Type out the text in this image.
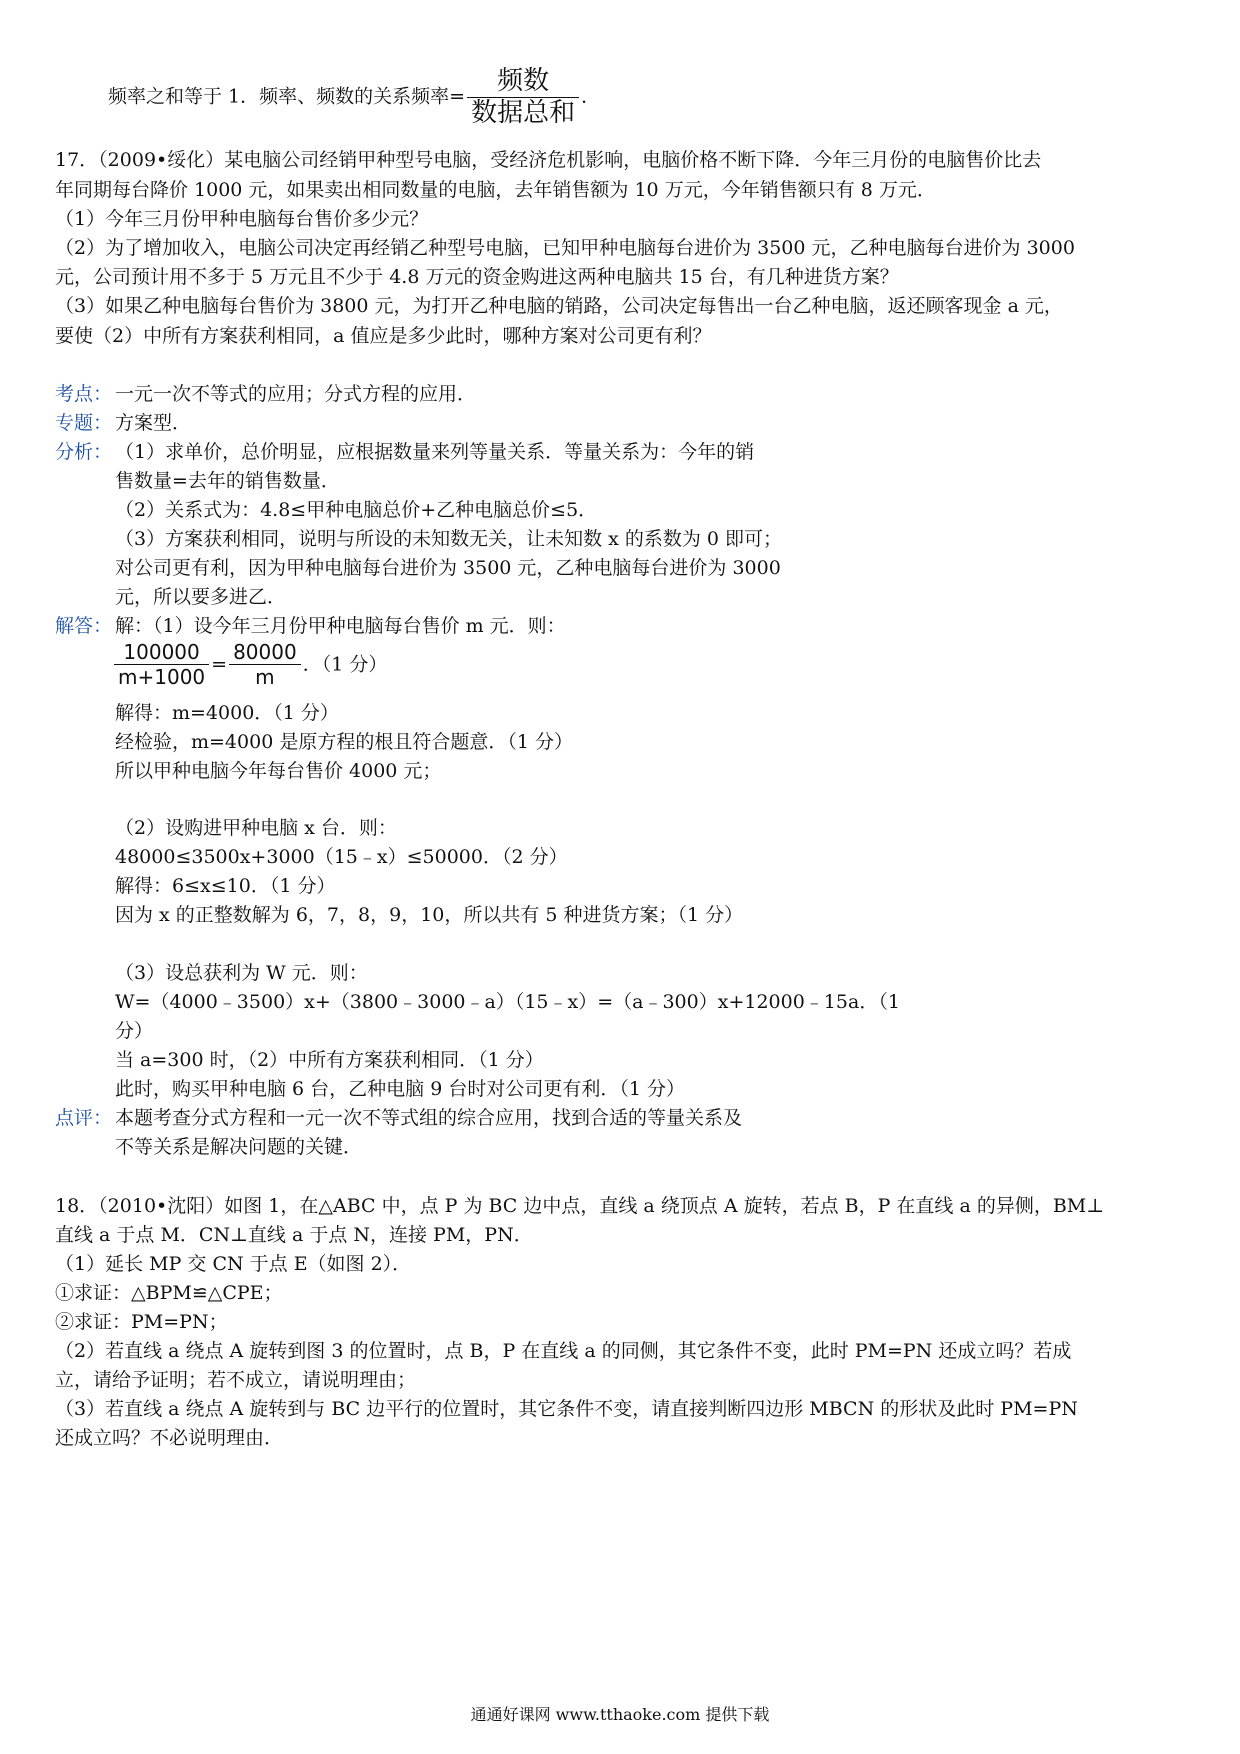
频率之和等于 1．频率、频数的关系频率= $\frac{\text{频数}}{\text{数据总和}}$ ．
17．（2009•绥化）某电脑公司经销甲种型号电脑，受经济危机影响，电脑价格不断下降．今年三月份的电脑售价比去
年同期每台降价 1000 元，如果卖出相同数量的电脑，去年销售额为 10 万元，今年销售额只有 8 万元．
（1）今年三月份甲种电脑每台售价多少元？
（2）为了增加收入，电脑公司决定再经销乙种型号电脑，已知甲种电脑每台进价为 3500 元，乙种电脑每台进价为 3000
元，公司预计用不多于 5 万元且不少于 4.8 万元的资金购进这两种电脑共 15 台，有几种进货方案？
（3）如果乙种电脑每台售价为 3800 元，为打开乙种电脑的销路，公司决定每售出一台乙种电脑，返还顾客现金 a 元，
要使（2）中所有方案获利相同，a 值应是多少此时，哪种方案对公司更有利？
考点： 一元一次不等式的应用；分式方程的应用．
专题： 方案型．
分析： （1）求单价，总价明显，应根据数量来列等量关系．等量关系为：今年的销
售数量=去年的销售数量．
（2）关系式为：4.8≤甲种电脑总价+乙种电脑总价≤5．
（3）方案获利相同，说明与所设的未知数无关，让未知数 x 的系数为 0 即可；
对公司更有利，因为甲种电脑每台进价为 3500 元，乙种电脑每台进价为 3000
元，所以要多进乙．
解答： 解：（1）设今年三月份甲种电脑每台售价 m 元．则：
$\frac{100000}{m+1000} = \frac{80000}{m}$ ．（1 分）
解得：m=4000．（1 分）
经检验，m=4000 是原方程的根且符合题意．（1 分）
所以甲种电脑今年每台售价 4000 元；
（2）设购进甲种电脑 x 台．则：
48000≤3500x+3000（15﹣x）≤50000．（2 分）
解得：6≤x≤10．（1 分）
因为 x 的正整数解为 6，7，8，9，10，所以共有 5 种进货方案；（1 分）
（3）设总获利为 W 元．则：
W=（4000﹣3500）x+（3800﹣3000﹣a）（15﹣x）=（a﹣300）x+12000﹣15a．（1
分）
当 a=300 时，（2）中所有方案获利相同．（1 分）
此时，购买甲种电脑 6 台，乙种电脑 9 台时对公司更有利．（1 分）
点评： 本题考查分式方程和一元一次不等式组的综合应用，找到合适的等量关系及
不等关系是解决问题的关键．
18．（2010•沈阳）如图 1，在△ABC 中，点 P 为 BC 边中点，直线 a 绕顶点 A 旋转，若点 B，P 在直线 a 的异侧，BM⊥
直线 a 于点 M．CN⊥直线 a 于点 N，连接 PM，PN．
（1）延长 MP 交 CN 于点 E（如图 2）．
①求证：△BPM≌△CPE；
②求证：PM=PN；
（2）若直线 a 绕点 A 旋转到图 3 的位置时，点 B，P 在直线 a 的同侧，其它条件不变，此时 PM=PN 还成立吗？若成
立，请给予证明；若不成立，请说明理由；
（3）若直线 a 绕点 A 旋转到与 BC 边平行的位置时，其它条件不变，请直接判断四边形 MBCN 的形状及此时 PM=PN
还成立吗？不必说明理由．
通通好课网 www.tthaoke.com 提供下载
